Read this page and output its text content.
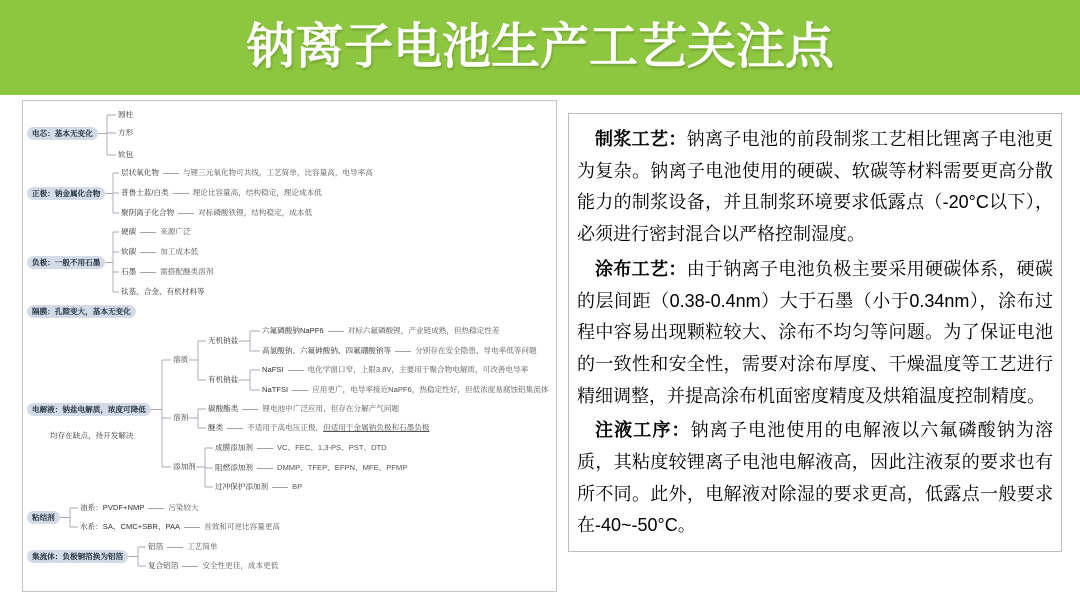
钠离子电池生产工艺关注点
电芯：基本无变化
圆柱
方形
软包
正极：钠金属化合物
层状氧化物	与锂三元氧化物可共线，工艺简单，比容量高，电导率高
普鲁士蓝/白类	理论比容量高，结构稳定，理论成本低
聚阴离子化合物	对标磷酸铁锂，结构稳定，成本低
负极：一般不用石墨
硬碳	来源广泛
软碳	加工成本低
石墨	需搭配醚类溶剂
钛基、合金、有机材料等
隔膜：孔隙变大，基本无变化
电解液：钠盐电解质，浓度可降低
均存在缺点，待开发解决
溶质
无机钠盐
六氟磷酸钠NaPF6	对标六氟磷酸锂，产业链成熟，但热稳定性差
高氯酸钠、六氟砷酸钠、四氟硼酸钠等	分别存在安全隐患、导电率低等问题
有机钠盐
NaFSI	电化学窗口窄，上限3.8V，主要用于聚合物电解质，可改善电导率
NaTFSI	应用更广，电导率接近NaPF6，热稳定性好，但低浓度易腐蚀铝集流体
溶剂
碳酸酯类	锂电池中广泛应用，但存在分解产气问题
醚类	不适用于高电压正极， 但适用于金属钠负极和石墨负极
添加剂
成膜添加剂	VC、FEC、1,3-PS、PST、DTD
阻燃添加剂	DMMP、TFEP、EFPN、MFE、PFMP
过冲保护添加剂	BP
粘结剂
油系：PVDF+NMP	污染较大
水系：SA、CMC+SBR、PAA	首效和可逆比容量更高
集流体：负极铜箔换为铝箔
铝箔	工艺简单
复合铝箔	安全性更佳，成本更低

制浆工艺：钠离子电池的前段制浆工艺相比锂离子电池更为复杂。钠离子电池使用的硬碳、软碳等材料需要更高分散能力的制浆设备，并且制浆环境要求低露点（-20°C以下），必须进行密封混合以严格控制湿度。

涂布工艺：由于钠离子电池负极主要采用硬碳体系，硬碳的层间距（0.38-0.4nm）大于石墨（小于0.34nm），涂布过程中容易出现颗粒较大、涂布不均匀等问题。为了保证电池的一致性和安全性，需要对涂布厚度、干燥温度等工艺进行精细调整，并提高涂布机面密度精度及烘箱温度控制精度。

注液工序：钠离子电池使用的电解液以六氟磷酸钠为溶质，其粘度较锂离子电池电解液高，因此注液泵的要求也有所不同。此外，电解液对除湿的要求更高，低露点一般要求在-40~-50°C。
